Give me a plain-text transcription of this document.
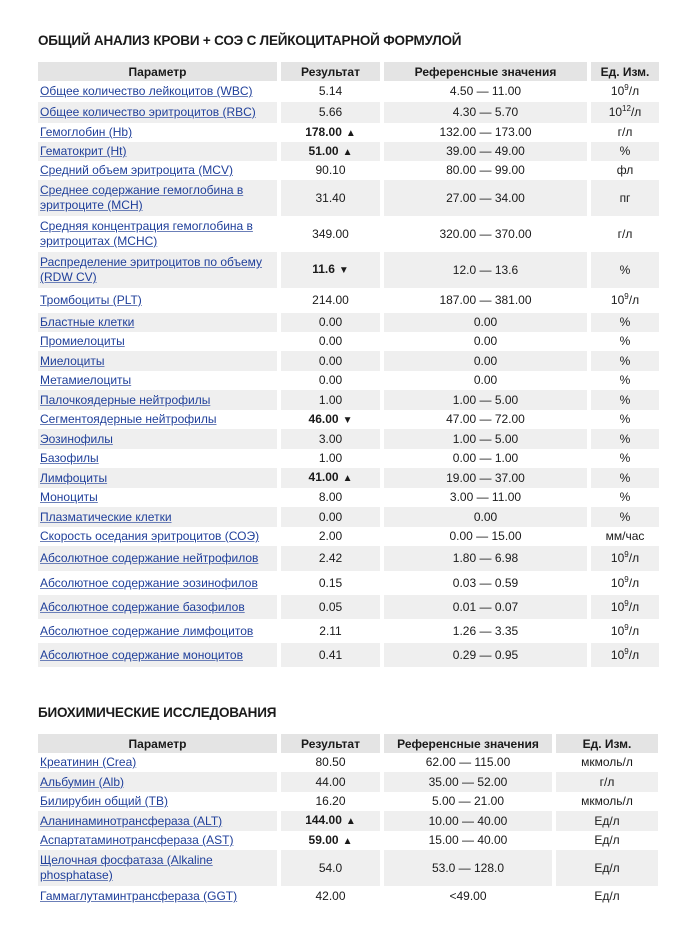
ОБЩИЙ АНАЛИЗ КРОВИ + СОЭ С ЛЕЙКОЦИТАРНОЙ ФОРМУЛОЙ
Параметр	Результат	Референсные значения	Ед. Изм.
Общее количество лейкоцитов (WBC)	5.14	4.50 — 11.00	$10^9/л$
Общее количество эритроцитов (RBC)	5.66	4.30 — 5.70	$10^{12}/л$
Гемоглобин (Hb)	178.00 ▲	132.00 — 173.00	г/л
Гематокрит (Ht)	51.00 ▲	39.00 — 49.00	%
Средний объем эритроцита (MCV)	90.10	80.00 — 99.00	фл
Среднее содержание гемоглобина в эритроците (MCH)	31.40	27.00 — 34.00	пг
Средняя концентрация гемоглобина в эритроцитах (MCHC)	349.00	320.00 — 370.00	г/л
Распределение эритроцитов по объему (RDW CV)	11.6 ▼	12.0 — 13.6	%
Тромбоциты (PLT)	214.00	187.00 — 381.00	$10^9/л$
Бластные клетки	0.00	0.00	%
Промиелоциты	0.00	0.00	%
Миелоциты	0.00	0.00	%
Метамиелоциты	0.00	0.00	%
Палочкоядерные нейтрофилы	1.00	1.00 — 5.00	%
Сегментоядерные нейтрофилы	46.00 ▼	47.00 — 72.00	%
Эозинофилы	3.00	1.00 — 5.00	%
Базофилы	1.00	0.00 — 1.00	%
Лимфоциты	41.00 ▲	19.00 — 37.00	%
Моноциты	8.00	3.00 — 11.00	%
Плазматические клетки	0.00	0.00	%
Скорость оседания эритроцитов (СОЭ)	2.00	0.00 — 15.00	мм/час
Абсолютное содержание нейтрофилов	2.42	1.80 — 6.98	$10^9/л$
Абсолютное содержание эозинофилов	0.15	0.03 — 0.59	$10^9/л$
Абсолютное содержание базофилов	0.05	0.01 — 0.07	$10^9/л$
Абсолютное содержание лимфоцитов	2.11	1.26 — 3.35	$10^9/л$
Абсолютное содержание моноцитов	0.41	0.29 — 0.95	$10^9/л$
БИОХИМИЧЕСКИЕ ИССЛЕДОВАНИЯ
Параметр	Результат	Референсные значения	Ед. Изм.
Креатинин (Crea)	80.50	62.00 — 115.00	мкмоль/л
Альбумин (Alb)	44.00	35.00 — 52.00	г/л
Билирубин общий (TB)	16.20	5.00 — 21.00	мкмоль/л
Аланинаминотрансфераза (ALT)	144.00 ▲	10.00 — 40.00	Ед/л
Аспартатаминотрансфераза (AST)	59.00 ▲	15.00 — 40.00	Ед/л
Щелочная фосфатаза (Alkaline phosphatase)	54.0	53.0 — 128.0	Ед/л
Гаммаглутаминтрансфераза (GGT)	42.00	<49.00	Ед/л
